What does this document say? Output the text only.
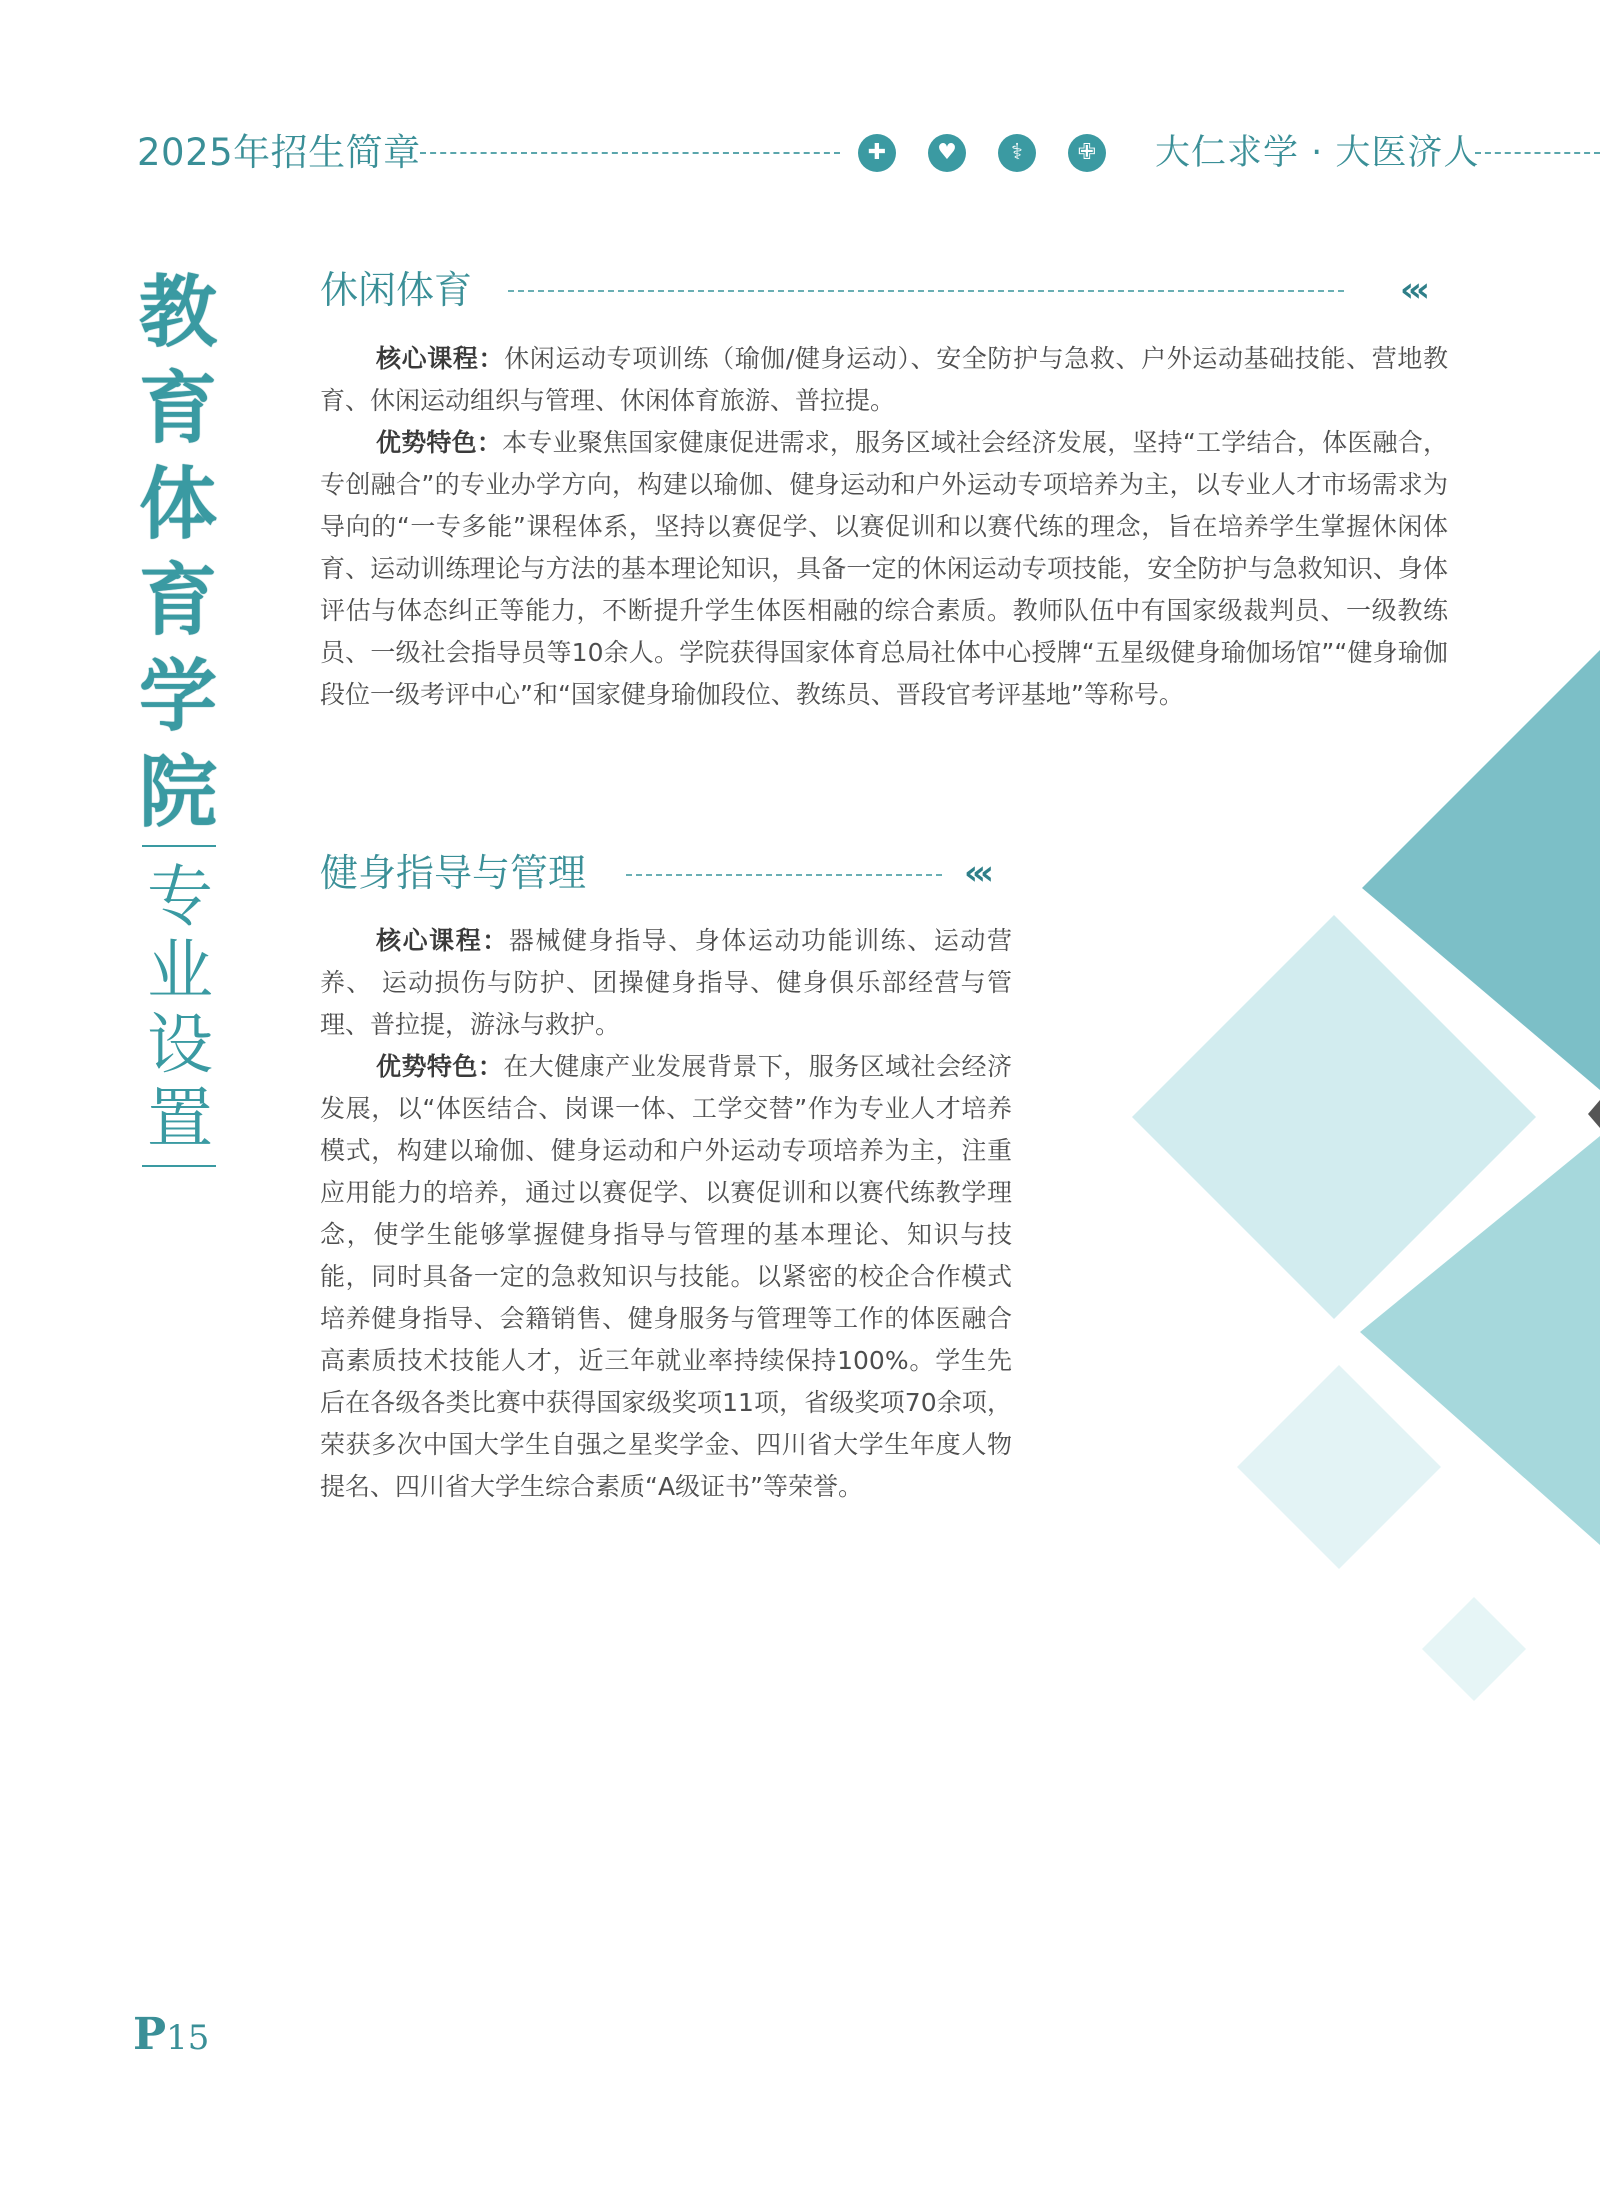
2025年招生简章	✚	♥	⚕	✙ 大仁求学 · 大医济人
教
育
体
育
学
院
专
业
设
置
休闲体育	‹‹‹

核心课程：休闲运动专项训练（瑜伽/健身运动）、安全防护与急救、户外运动基础技能、营地教育、休闲运动组织与管理、休闲体育旅游、普拉提。

优势特色：本专业聚焦国家健康促进需求，服务区域社会经济发展，坚持“工学结合，体医融合，专创融合”的专业办学方向，构建以瑜伽、健身运动和户外运动专项培养为主，以专业人才市场需求为导向的“一专多能”课程体系，坚持以赛促学、以赛促训和以赛代练的理念，旨在培养学生掌握休闲体育、运动训练理论与方法的基本理论知识，具备一定的休闲运动专项技能，安全防护与急救知识、身体评估与体态纠正等能力，不断提升学生体医相融的综合素质。教师队伍中有国家级裁判员、一级教练员、一级社会指导员等10余人。学院获得国家体育总局社体中心授牌“五星级健身瑜伽场馆”“健身瑜伽段位一级考评中心”和“国家健身瑜伽段位、教练员、晋段官考评基地”等称号。

健身指导与管理	‹‹‹

核心课程：器械健身指导、身体运动功能训练、运动营养、 运动损伤与防护、团操健身指导、健身俱乐部经营与管理、普拉提，游泳与救护。

优势特色：在大健康产业发展背景下，服务区域社会经济发展，以“体医结合、岗课一体、工学交替”作为专业人才培养模式，构建以瑜伽、健身运动和户外运动专项培养为主，注重应用能力的培养，通过以赛促学、以赛促训和以赛代练教学理念，使学生能够掌握健身指导与管理的基本理论、知识与技能，同时具备一定的急救知识与技能。以紧密的校企合作模式培养健身指导、会籍销售、健身服务与管理等工作的体医融合高素质技术技能人才，近三年就业率持续保持100%。学生先后在各级各类比赛中获得国家级奖项11项，省级奖项70余项，荣获多次中国大学生自强之星奖学金、四川省大学生年度人物提名、四川省大学生综合素质“A级证书”等荣誉。

P15
